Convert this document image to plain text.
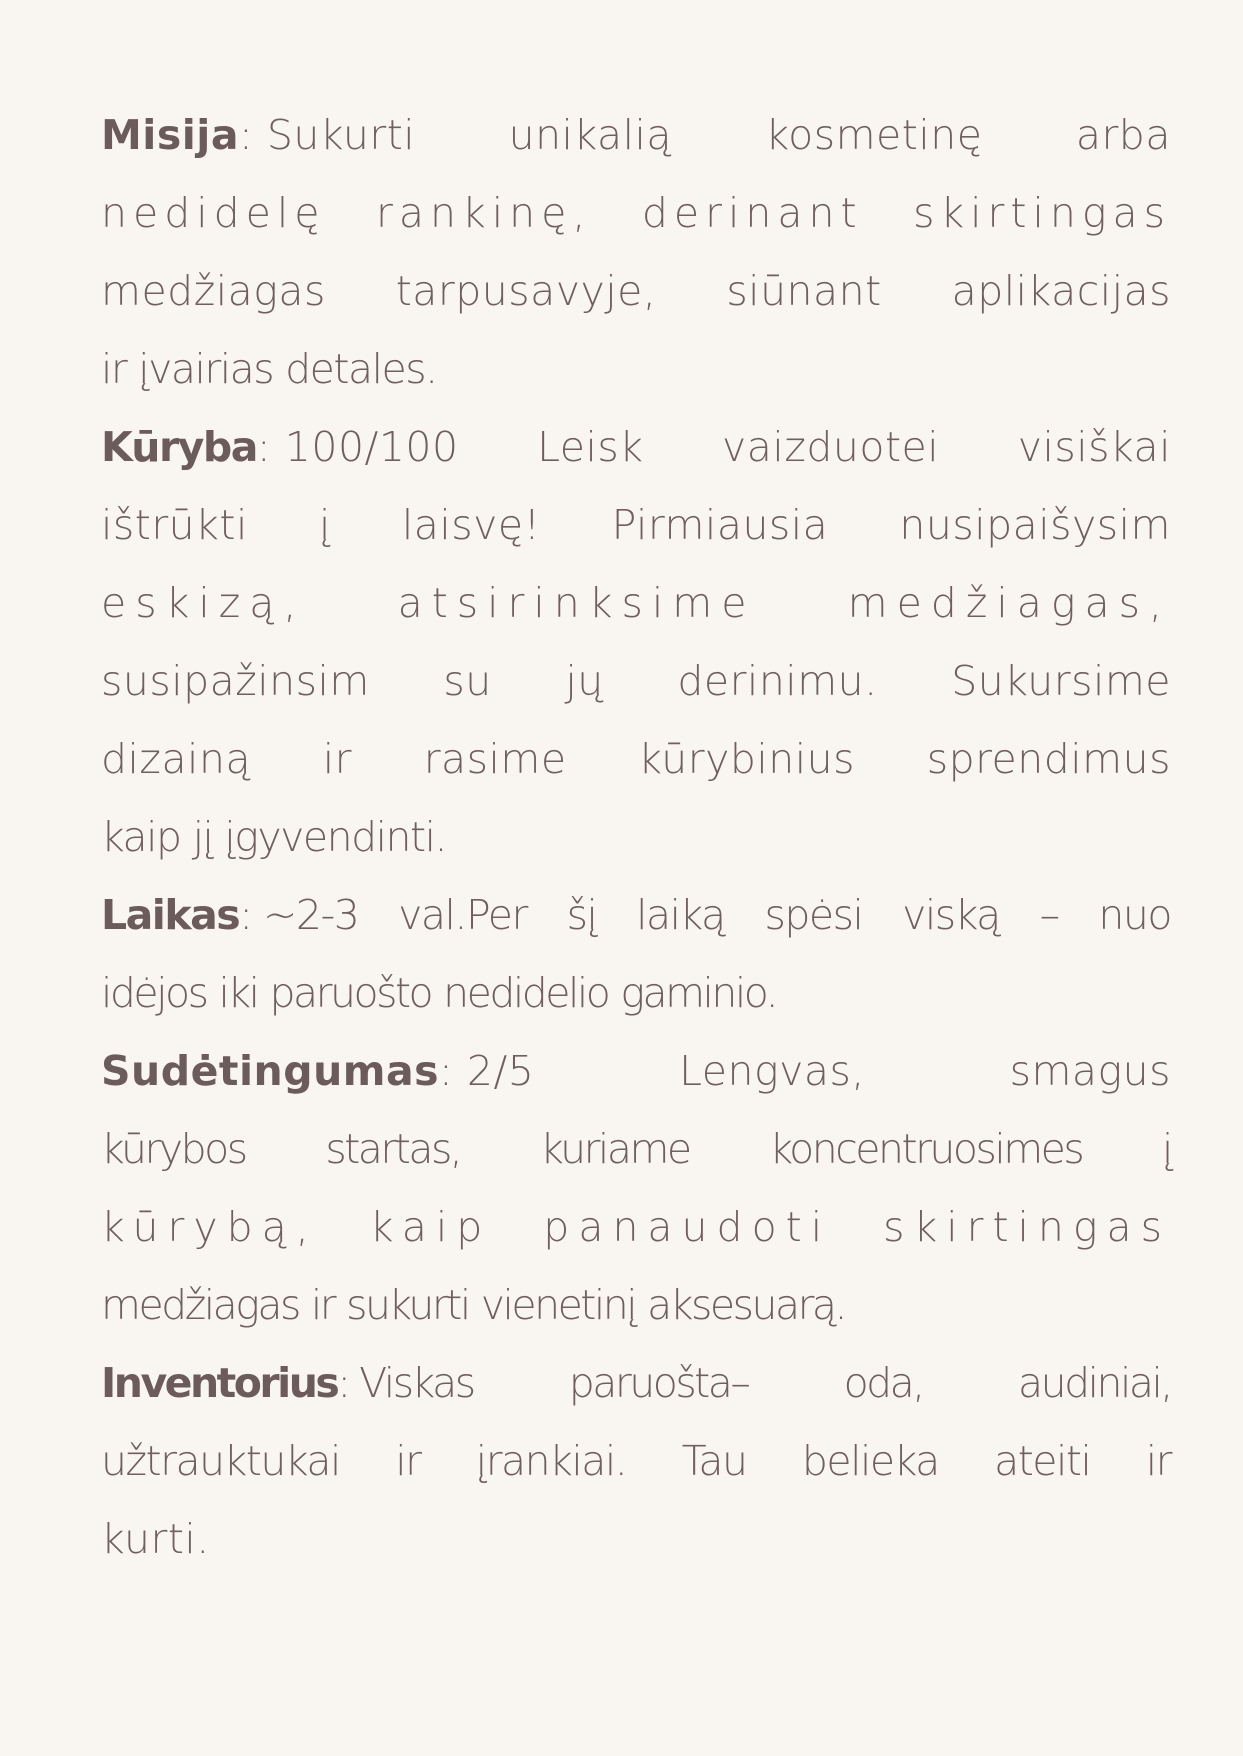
Misija: Sukurti unikalią kosmetinę arba
nedidelę rankinę, derinant skirtingas
medžiagas tarpusavyje, siūnant aplikacijas
ir įvairias detales.
Kūryba: 100/100 Leisk vaizduotei visiškai
ištrūkti į laisvę! Pirmiausia nusipaišysim
eskizą, atsirinksime medžiagas,
susipažinsim su jų derinimu. Sukursime
dizainą ir rasime kūrybinius sprendimus
kaip jį įgyvendinti.
Laikas: ~2-3 val.Per šį laiką spėsi viską – nuo
idėjos iki paruošto nedidelio gaminio.
Sudėtingumas: 2/5	Lengvas,	smagus
kūrybos startas, kuriame koncentruosimes į
kūrybą, kaip panaudoti skirtingas
medžiagas ir sukurti vienetinį aksesuarą.
Inventorius: Viskas paruošta– oda, audiniai,
užtrauktukai ir įrankiai. Tau belieka ateiti ir
kurti.
